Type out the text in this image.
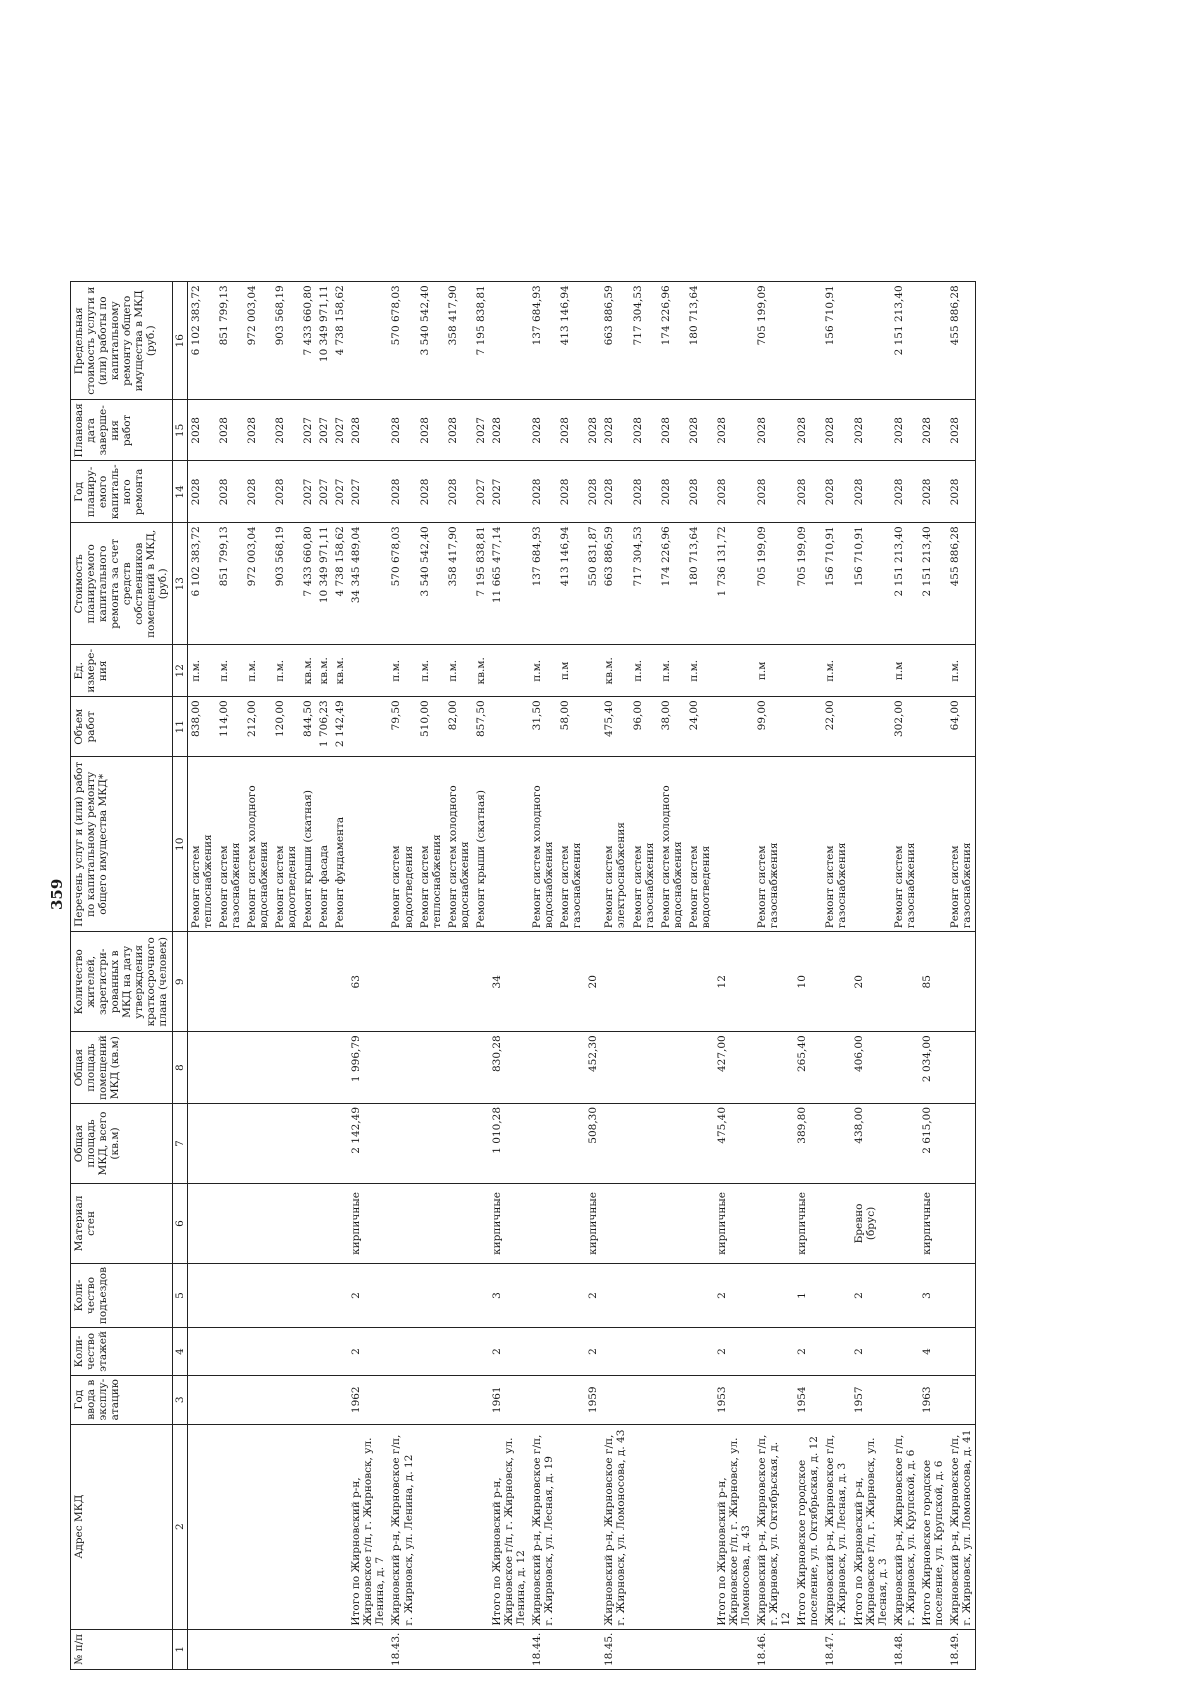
359
№ п/п	Адрес МКД	Год ввода в эксплу-атацию	Коли-чество этажей	Коли-чество подъездов	Материал стен	Общая площадь МКД, всего (кв.м)	Общая площадь помещений МКД (кв.м)	Количество жителей, зарегистри-рованных в МКД на дату утверждения краткосрочного плана (человек)	Перечень услуг и (или) работ по капитальному ремонту общего имущества МКД*	Объем работ	Ед. измере-ния	Стоимость планируемого капитального ремонта за счет средств собственников помещений в МКД, (руб.)	Год планиру-емого капиталь-ного ремонта	Плановая дата заверше-ния работ	Предельная стоимость услуги и (или) работы по капитальному ремонту общего имущества в МКД (руб.)
1	2	3	4	5	6	7	8	9	10	11	12	13	14	15	16
									Ремонт систем теплоснабжения	838,00	п.м.	6 102 383,72	2028	2028	6 102 383,72
									Ремонт систем газоснабжения	114,00	п.м.	851 799,13	2028	2028	851 799,13
									Ремонт систем холодного водоснабжения	212,00	п.м.	972 003,04	2028	2028	972 003,04
									Ремонт систем водоотведения	120,00	п.м.	903 568,19	2028	2028	903 568,19
									Ремонт крыши (скатная)	844,50	кв.м.	7 433 660,80	2027	2027	7 433 660,80
									Ремонт фасада	1 706,23	кв.м.	10 349 971,11	2027	2027	10 349 971,11
									Ремонт фундамента	2 142,49	кв.м.	4 738 158,62	2027	2027	4 738 158,62
	Итого по Жирновский р-н, Жирновское г/п, г. Жирновск, ул. Ленина, д. 7	1962	2	2	кирпичные	2 142,49	1 996,79	63				34 345 489,04	2027	2028	
18.43.	Жирновский р-н, Жирновское г/п, г. Жирновск, ул. Ленина, д. 12								Ремонт систем водоотведения	79,50	п.м.	570 678,03	2028	2028	570 678,03
									Ремонт систем теплоснабжения	510,00	п.м.	3 540 542,40	2028	2028	3 540 542,40
									Ремонт систем холодного водоснабжения	82,00	п.м.	358 417,90	2028	2028	358 417,90
									Ремонт крыши (скатная)	857,50	кв.м.	7 195 838,81	2027	2027	7 195 838,81
	Итого по Жирновский р-н, Жирновское г/п, г. Жирновск, ул. Ленина, д. 12	1961	2	3	кирпичные	1 010,28	830,28	34				11 665 477,14	2027	2028	
18.44.	Жирновский р-н, Жирновское г/п, г. Жирновск, ул. Лесная, д. 19								Ремонт систем холодного водоснабжения	31,50	п.м.	137 684,93	2028	2028	137 684,93
									Ремонт систем газоснабжения	58,00	п.м	413 146,94	2028	2028	413 146,94
		1959	2	2	кирпичные	508,30	452,30	20				550 831,87	2028	2028	
18.45.	Жирновский р-н, Жирновское г/п, г. Жирновск, ул. Ломоносова, д. 43								Ремонт систем электроснабжения	475,40	кв.м.	663 886,59	2028	2028	663 886,59
									Ремонт систем газоснабжения	96,00	п.м.	717 304,53	2028	2028	717 304,53
									Ремонт систем холодного водоснабжения	38,00	п.м.	174 226,96	2028	2028	174 226,96
									Ремонт систем водоотведения	24,00	п.м.	180 713,64	2028	2028	180 713,64
	Итого по Жирновский р-н, Жирновское г/п, г. Жирновск, ул. Ломоносова, д. 43	1953	2	2	кирпичные	475,40	427,00	12				1 736 131,72	2028	2028	
18.46.	Жирновский р-н, Жирновское г/п, г. Жирновск, ул. Октябрьская, д. 12								Ремонт систем газоснабжения	99,00	п.м	705 199,09	2028	2028	705 199,09
	Итого Жирновское городское поселение, ул. Октябрьская, д. 12	1954	2	1	кирпичные	389,80	265,40	10				705 199,09	2028	2028	
18.47.	Жирновский р-н, Жирновское г/п, г. Жирновск, ул. Лесная, д. 3								Ремонт систем газоснабжения	22,00	п.м.	156 710,91	2028	2028	156 710,91
	Итого по Жирновский р-н, Жирновское г/п, г. Жирновск, ул. Лесная, д. 3	1957	2	2	Бревно (брус)	438,00	406,00	20				156 710,91	2028	2028	
18.48.	Жирновский р-н, Жирновское г/п, г. Жирновск, ул. Крупской, д. 6								Ремонт систем газоснабжения	302,00	п.м	2 151 213,40	2028	2028	2 151 213,40
	Итого Жирновское городское поселение, ул. Крупской, д. 6	1963	4	3	кирпичные	2 615,00	2 034,00	85				2 151 213,40	2028	2028	
18.49.	Жирновский р-н, Жирновское г/п, г. Жирновск, ул. Ломоносова, д. 41								Ремонт систем газоснабжения	64,00	п.м.	455 886,28	2028	2028	455 886,28
